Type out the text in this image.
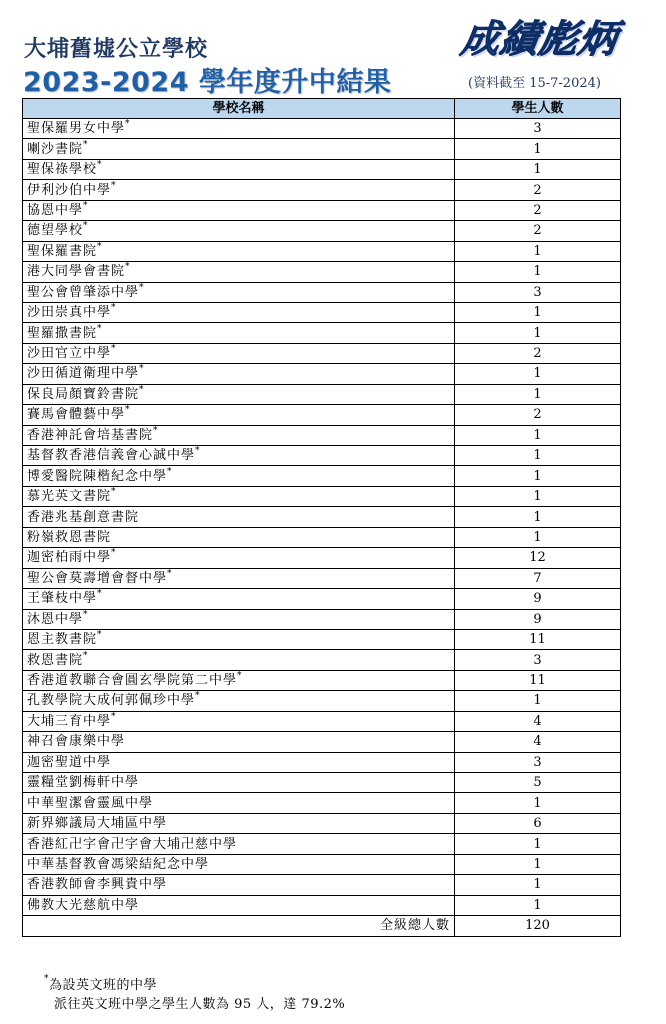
大埔舊墟公立學校
2023-2024 學年度升中結果
成績彪炳
(資料截至 15-7-2024)
學校名稱	學生人數
聖保羅男女中學*	3
喇沙書院*	1
聖保祿學校*	1
伊利沙伯中學*	2
協恩中學*	2
德望學校*	2
聖保羅書院*	1
港大同學會書院*	1
聖公會曾肇添中學*	3
沙田崇真中學*	1
聖羅撒書院*	1
沙田官立中學*	2
沙田循道衛理中學*	1
保良局顏寶鈴書院*	1
賽馬會體藝中學*	2
香港神託會培基書院*	1
基督教香港信義會心誠中學*	1
博愛醫院陳楷紀念中學*	1
慕光英文書院*	1
香港兆基創意書院	1
粉嶺救恩書院	1
迦密柏雨中學*	12
聖公會莫壽增會督中學*	7
王肇枝中學*	9
沐恩中學*	9
恩主教書院*	11
救恩書院*	3
香港道教聯合會圓玄學院第二中學*	11
孔教學院大成何郭佩珍中學*	1
大埔三育中學*	4
神召會康樂中學	4
迦密聖道中學	3
靈糧堂劉梅軒中學	5
中華聖潔會靈風中學	1
新界鄉議局大埔區中學	6
香港紅卍字會卍字會大埔卍慈中學	1
中華基督教會馮梁結紀念中學	1
香港教師會李興貴中學	1
佛教大光慈航中學	1
全級總人數	120
*為設英文班的中學
派往英文班中學之學生人數為 95 人，達 79.2%
